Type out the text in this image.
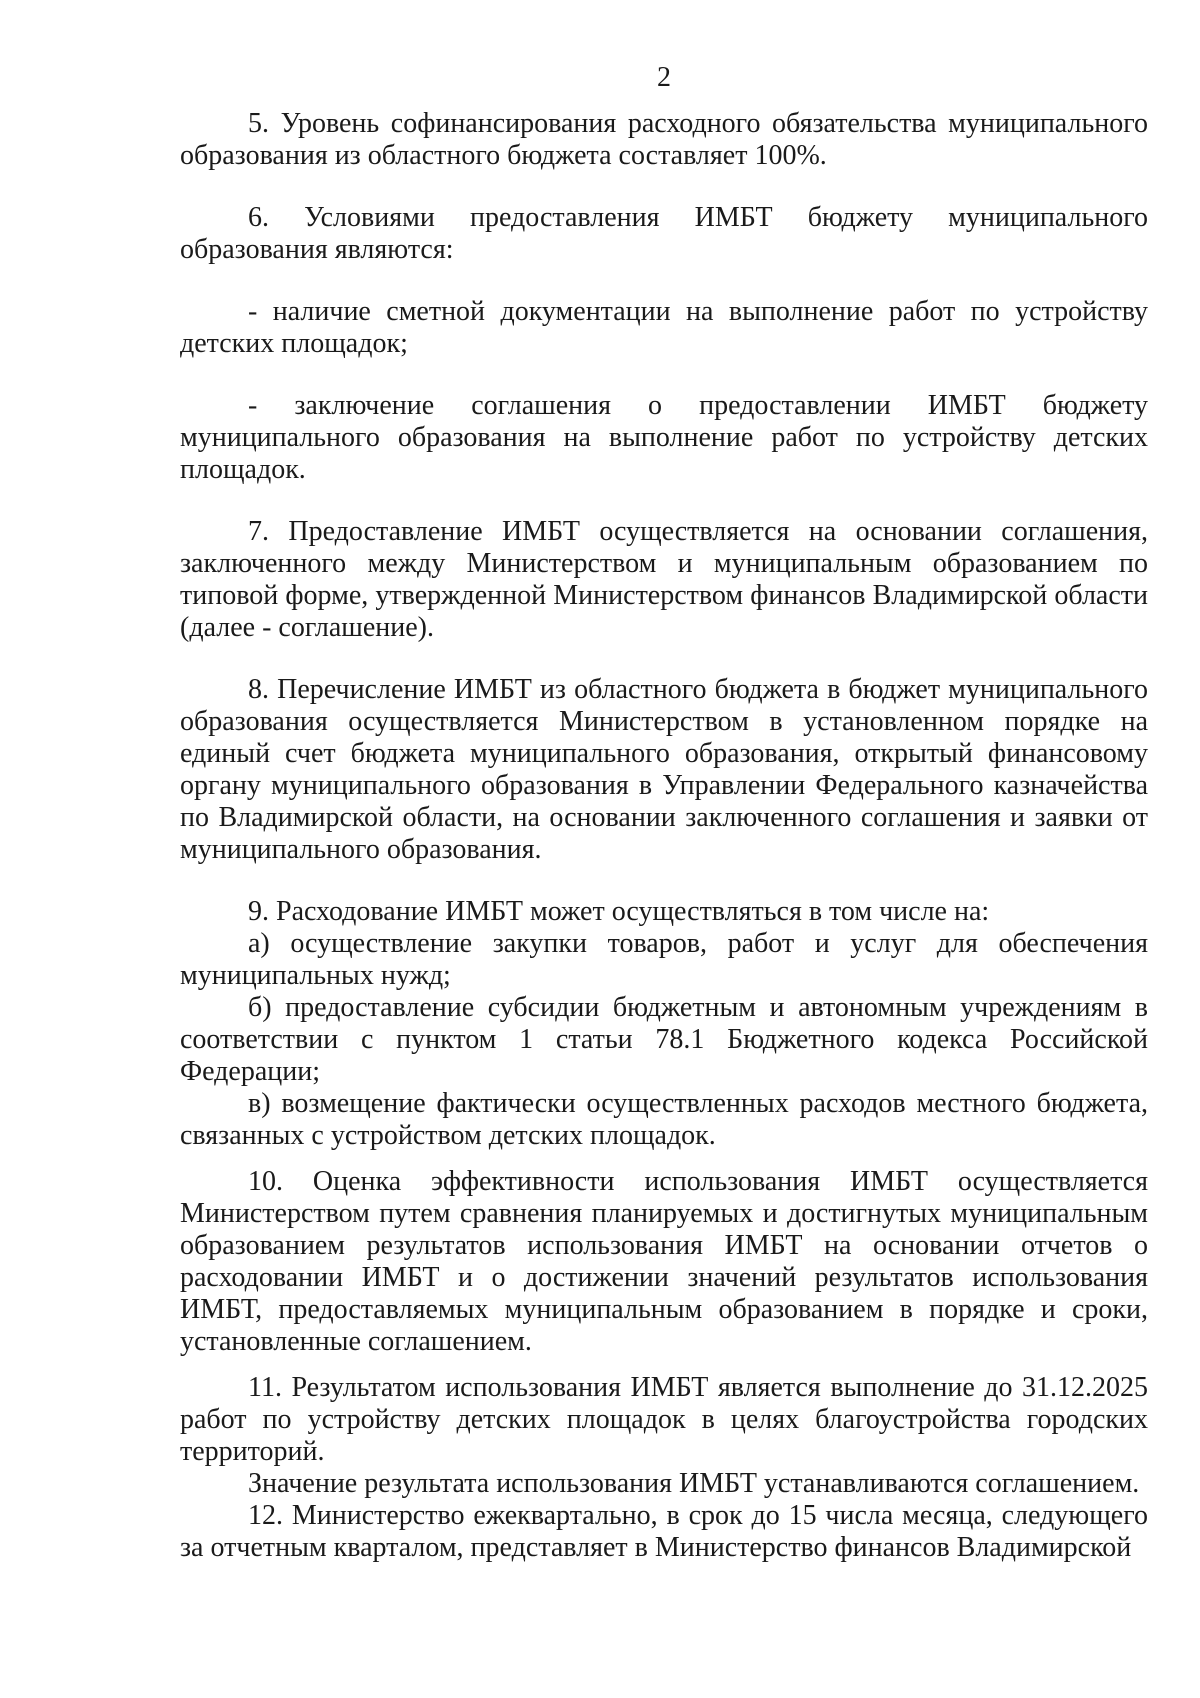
2

5. Уровень софинансирования расходного обязательства муниципального образования из областного бюджета составляет 100%.

6. Условиями предоставления ИМБТ бюджету муниципального образования являются:

- наличие сметной документации на выполнение работ по устройству детских площадок;

- заключение соглашения о предоставлении ИМБТ бюджету муниципального образования на выполнение работ по устройству детских площадок.

7. Предоставление ИМБТ осуществляется на основании соглашения, заключенного между Министерством и муниципальным образованием по типовой форме, утвержденной Министерством финансов Владимирской области (далее - соглашение).

8. Перечисление ИМБТ из областного бюджета в бюджет муниципального образования осуществляется Министерством в установленном порядке на единый счет бюджета муниципального образования, открытый финансовому органу муниципального образования в Управлении Федерального казначейства по Владимирской области, на основании заключенного соглашения и заявки от муниципального образования.

9. Расходование ИМБТ может осуществляться в том числе на:

а) осуществление закупки товаров, работ и услуг для обеспечения муниципальных нужд;

б) предоставление субсидии бюджетным и автономным учреждениям в соответствии с пунктом 1 статьи 78.1 Бюджетного кодекса Российской Федерации;

в) возмещение фактически осуществленных расходов местного бюджета, связанных с устройством детских площадок.

10. Оценка эффективности использования ИМБТ осуществляется Министерством путем сравнения планируемых и достигнутых муниципальным образованием результатов использования ИМБТ на основании отчетов о расходовании ИМБТ и о достижении значений результатов использования ИМБТ, предоставляемых муниципальным образованием в порядке и сроки, установленные соглашением.

11. Результатом использования ИМБТ является выполнение до 31.12.2025 работ по устройству детских площадок в целях благоустройства городских территорий.

Значение результата использования ИМБТ устанавливаются соглашением.

12. Министерство ежеквартально, в срок до 15 числа месяца, следующего за отчетным кварталом, представляет в Министерство финансов Владимирской
